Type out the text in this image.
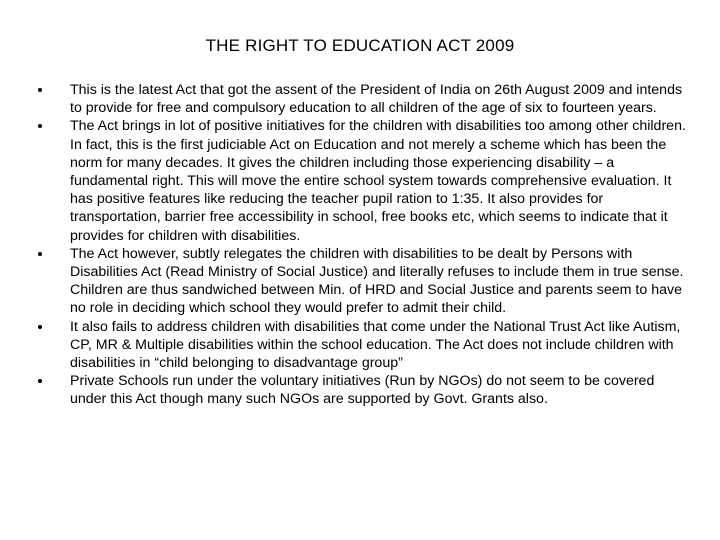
THE RIGHT TO EDUCATION ACT 2009
This is the latest Act that got the assent of the President of India on 26th August 2009 and intends to provide for free and compulsory education to all children of the age of six to fourteen years.
The Act brings in lot of positive initiatives for the children with disabilities too among other children. In fact, this is the first judiciable Act on Education and not merely a scheme which has been the norm for many decades. It gives the children including those experiencing disability – a fundamental right. This will move the entire school system towards comprehensive evaluation. It has positive features like reducing the teacher pupil ration to 1:35. It also provides for transportation, barrier free accessibility in school, free books etc, which seems to indicate that it provides for children with disabilities.
The Act however, subtly relegates the children with disabilities to be dealt by Persons with Disabilities Act (Read Ministry of Social Justice) and literally refuses to include them in true sense. Children are thus sandwiched between Min. of HRD and Social Justice and parents seem to have no role in deciding which school they would prefer to admit their child.
It also fails to address children with disabilities that come under the National Trust Act like Autism, CP, MR & Multiple disabilities within the school education. The Act does not include children with disabilities in “child belonging to disadvantage group”
Private Schools run under the voluntary initiatives (Run by NGOs) do not seem to be covered under this Act though many such NGOs are supported by Govt. Grants also.
